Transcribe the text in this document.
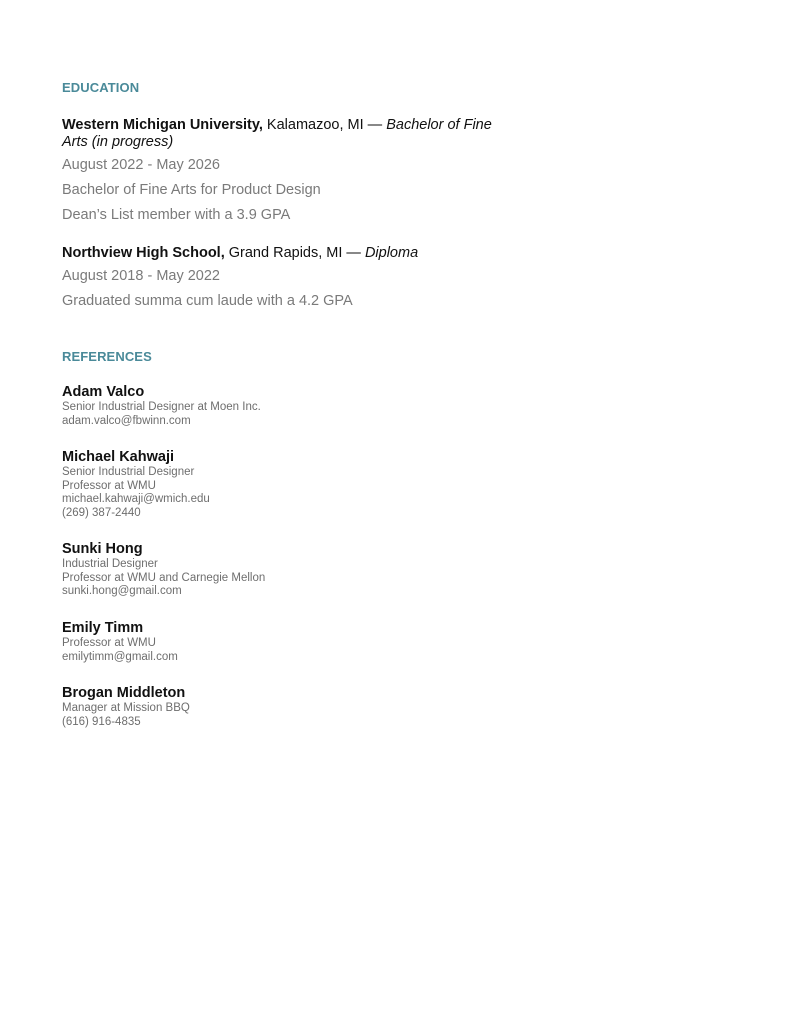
EDUCATION

Western Michigan University, Kalamazoo, MI — Bachelor of Fine
Arts (in progress)

August 2022 - May 2026

Bachelor of Fine Arts for Product Design

Dean’s List member with a 3.9 GPA

Northview High School, Grand Rapids, MI — Diploma

August 2018 - May 2022

Graduated summa cum laude with a 4.2 GPA

REFERENCES

Adam Valco

Senior Industrial Designer at Moen Inc.

adam.valco@fbwinn.com

Michael Kahwaji

Senior Industrial Designer

Professor at WMU

michael.kahwaji@wmich.edu

(269) 387-2440

Sunki Hong

Industrial Designer

Professor at WMU and Carnegie Mellon

sunki.hong@gmail.com

Emily Timm

Professor at WMU

emilytimm@gmail.com

Brogan Middleton

Manager at Mission BBQ

(616) 916-4835
